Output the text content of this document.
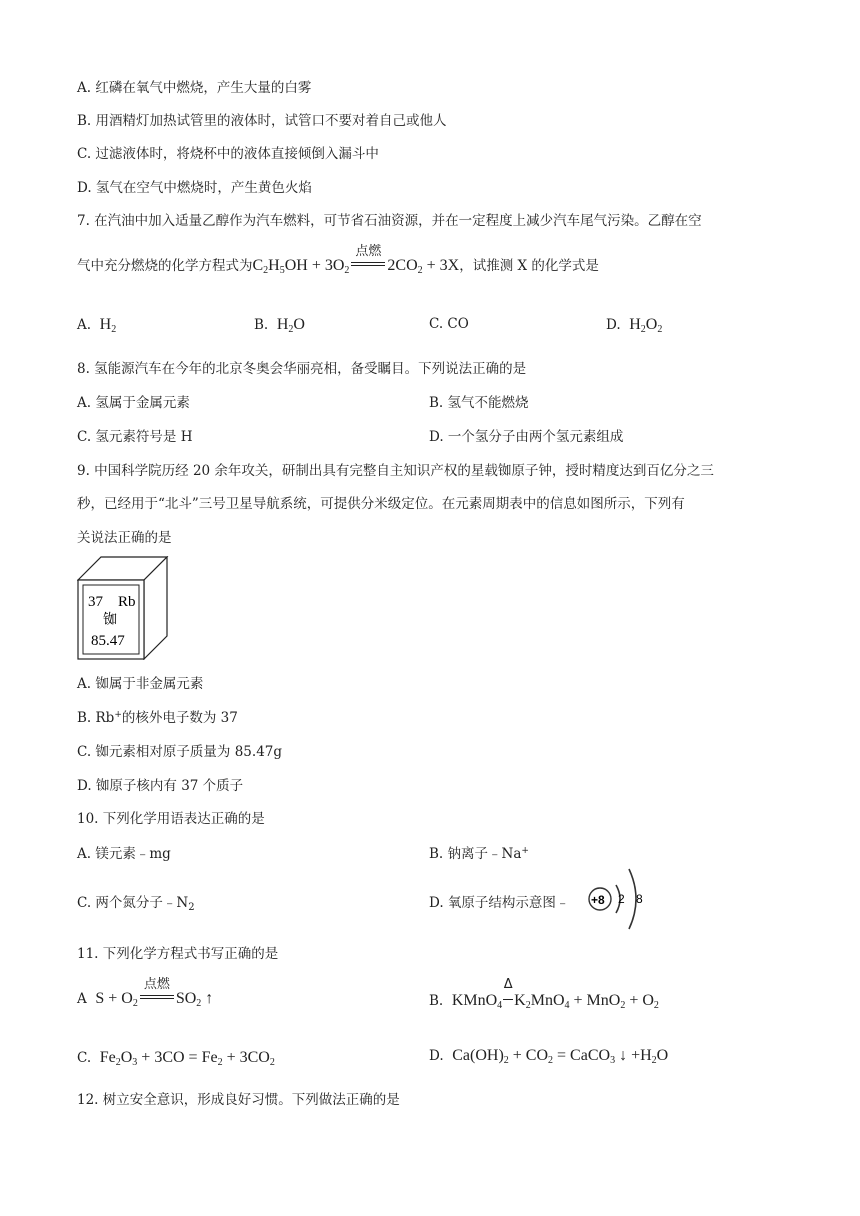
A. 红磷在氧气中燃烧，产生大量的白雾
B. 用酒精灯加热试管里的液体时，试管口不要对着自己或他人
C. 过滤液体时，将烧杯中的液体直接倾倒入漏斗中
D. 氢气在空气中燃烧时，产生黄色火焰
7. 在汽油中加入适量乙醇作为汽车燃料，可节省石油资源，并在一定程度上减少汽车尾气污染。乙醇在空
气中充分燃烧的化学方程式为$C_2H_5OH + 3O_2$
点燃
$2CO_2 + 3X$，试推测 X 的化学式是
A. $H_2$	B. $H_2O$	C. CO	D. $H_2O_2$
8. 氢能源汽车在今年的北京冬奥会华丽亮相，备受瞩目。下列说法正确的是
A. 氢属于金属元素	B. 氢气不能燃烧
C. 氢元素符号是 H	D. 一个氢分子由两个氢元素组成
9. 中国科学院历经 20 余年攻关，研制出具有完整自主知识产权的星载铷原子钟，授时精度达到百亿分之三
秒，已经用于“北斗”三号卫星导航系统，可提供分米级定位。在元素周期表中的信息如图所示，下列有
关说法正确的是
37 Rb
铷
85.47
A. 铷属于非金属元素
B. Rb+的核外电子数为 37
C. 铷元素相对原子质量为 85.47g
D. 铷原子核内有 37 个质子
10. 下列化学用语表达正确的是
A. 镁元素﹣mg	B. 钠离子﹣Na+
C. 两个氮分子$﹣N_2$	D. 氧原子结构示意图﹣ +8 2 8
11. 下列化学方程式书写正确的是
A $S + O_2$
点燃
$SO_2$ ↑	B. KMnO$_4$
Δ
$K_2MnO_4 + MnO_2 + O_2$
C. $Fe_2O_3 + 3CO = Fe_2 + 3CO_2$	D. $Ca(OH)_2 + CO_2$ = CaCO$_3$ ↓ $+H_2O$
12. 树立安全意识，形成良好习惯。下列做法正确的是
